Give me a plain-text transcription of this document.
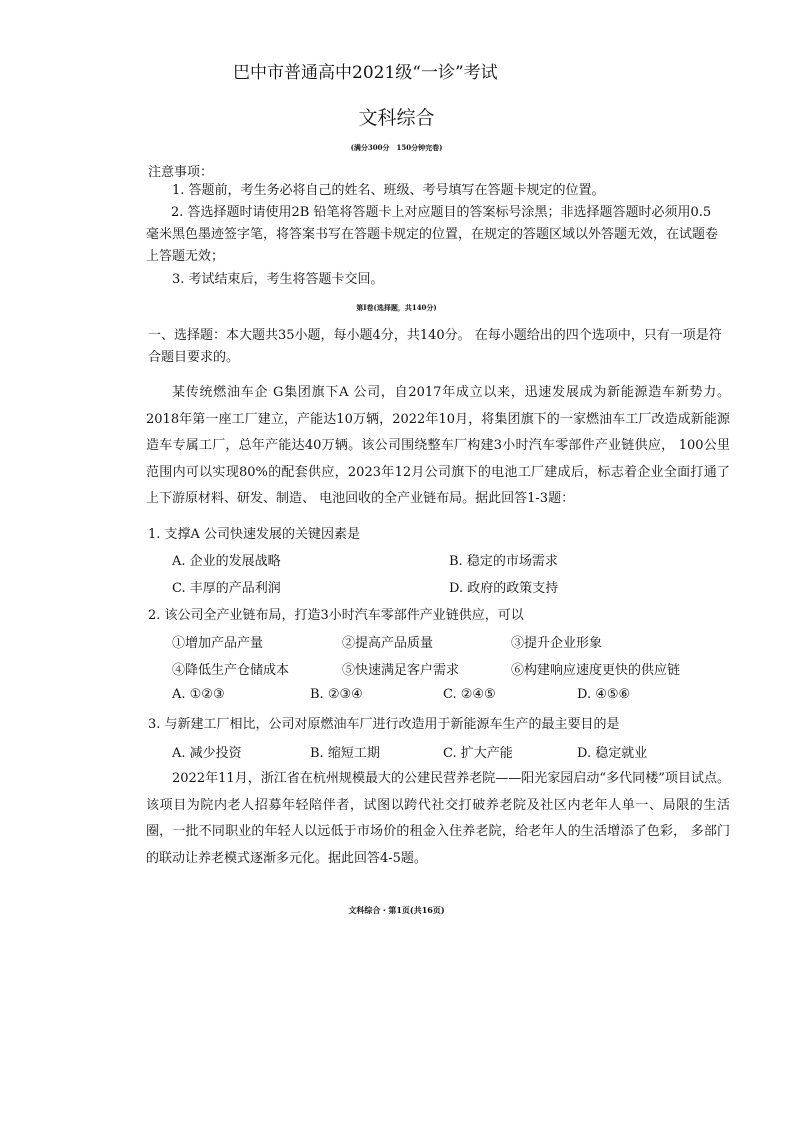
巴中市普通高中2021级“一诊”考试
文科综合
(满分300分　150分钟完卷)
注意事项：
1. 答题前，考生务必将自己的姓名、班级、考号填写在答题卡规定的位置。
2. 答选择题时请使用2B 铅笔将答题卡上对应题目的答案标号涂黑；非选择题答题时必须用0.5 毫米黑色墨迹签字笔，将答案书写在答题卡规定的位置，在规定的答题区域以外答题无效，在试题卷上答题无效；
3. 考试结束后，考生将答题卡交回。
第Ⅰ卷(选择题，共140分)
一、选择题：本大题共35小题，每小题4分，共140分。 在每小题给出的四个选项中，只有一项是符合题目要求的。
某传统燃油车企 G集团旗下A 公司，自2017年成立以来，迅速发展成为新能源造车新势力。2018年第一座工厂建立，产能达10万辆，2022年10月，将集团旗下的一家燃油车工厂改造成新能源造车专属工厂，总年产能达40万辆。该公司围绕整车厂构建3小时汽车零部件产业链供应， 100公里范围内可以实现80%的配套供应，2023年12月公司旗下的电池工厂建成后，标志着企业全面打通了上下游原材料、研发、制造、 电池回收的全产业链布局。据此回答1-3题：
1. 支撑A 公司快速发展的关键因素是
A. 企业的发展战略	B. 稳定的市场需求
C. 丰厚的产品利润	D. 政府的政策支持
2. 该公司全产业链布局，打造3小时汽车零部件产业链供应，可以
①增加产品产量	②提高产品质量	③提升企业形象
④降低生产仓储成本	⑤快速满足客户需求	⑥构建响应速度更快的供应链
A. ①②③	B. ②③④	C. ②④⑤	D. ④⑤⑥
3. 与新建工厂相比，公司对原燃油车厂进行改造用于新能源车生产的最主要目的是
A. 减少投资	B. 缩短工期	C. 扩大产能	D. 稳定就业
2022年11月，浙江省在杭州规模最大的公建民营养老院——阳光家园启动“多代同楼”项目试点。该项目为院内老人招募年轻陪伴者，试图以跨代社交打破养老院及社区内老年人单一、局限的生活圈，一批不同职业的年轻人以远低于市场价的租金入住养老院，给老年人的生活增添了色彩， 多部门的联动让养老模式逐渐多元化。据此回答4-5题。
文科综合・第1页(共16页)
